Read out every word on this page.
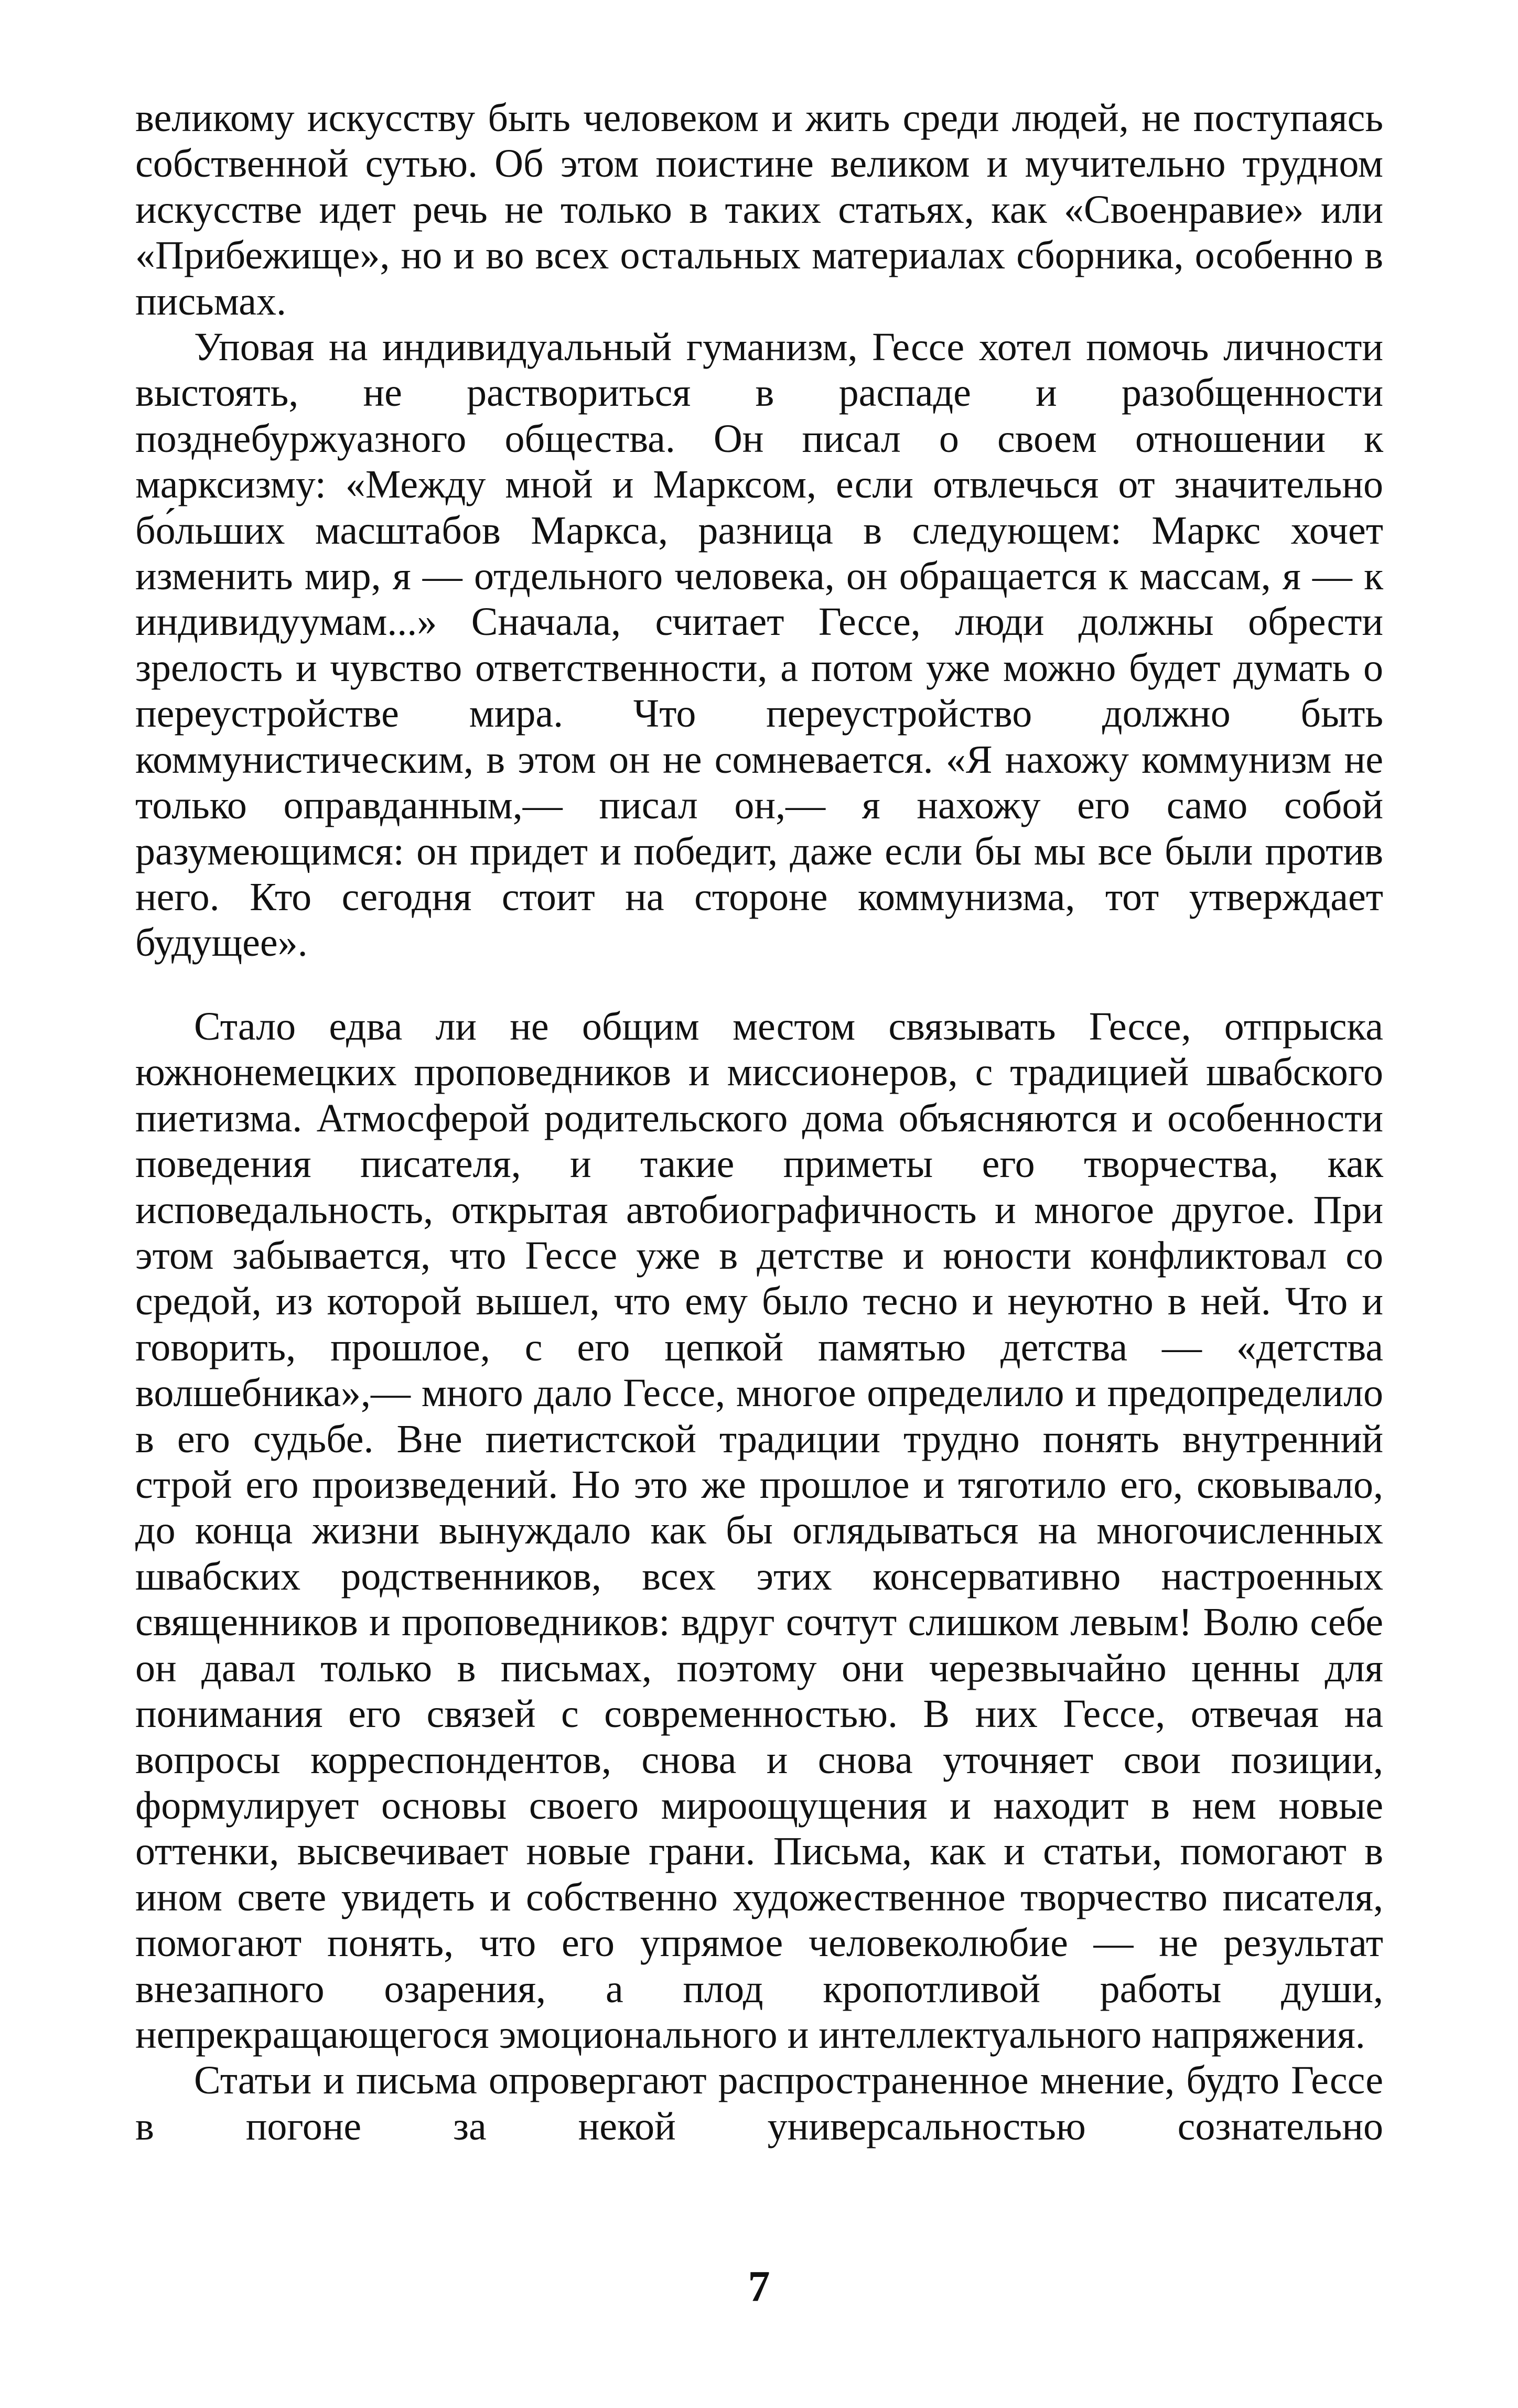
великому искусству быть человеком и жить среди людей, не поступаясь собственной сутью. Об этом поистине великом и мучительно трудном искусстве идет речь не только в таких статьях, как «Своенравие» или «Прибежище», но и во всех остальных материалах сборника, особенно в письмах.

Уповая на индивидуальный гуманизм, Гессе хотел помочь личности выстоять, не раствориться в распаде и разобщенности позднебуржуазного общества. Он писал о своем отношении к марксизму: «Между мной и Марксом, если отвлечься от значительно бо́льших масштабов Маркса, разница в следующем: Маркс хочет изменить мир, я — отдельного человека, он обращается к массам, я — к индивидуумам...» Сначала, считает Гессе, люди должны обрести зрелость и чувство ответственности, а потом уже можно будет думать о переустройстве мира. Что переустройство должно быть коммунистическим, в этом он не сомневается. «Я нахожу коммунизм не только оправданным,— писал он,— я нахожу его само собой разумеющимся: он придет и победит, даже если бы мы все были против него. Кто сегодня стоит на стороне коммунизма, тот утверждает будущее».

Стало едва ли не общим местом связывать Гессе, отпрыска южнонемецких проповедников и миссионеров, с традицией швабского пиетизма. Атмосферой родительского дома объясняются и особенности поведения писателя, и такие приметы его творчества, как исповедальность, открытая автобиографичность и многое другое. При этом забывается, что Гессе уже в детстве и юности конфликтовал со средой, из которой вышел, что ему было тесно и неуютно в ней. Что и говорить, прошлое, с его цепкой памятью детства — «детства волшебника»,— много дало Гессе, многое определило и предопределило в его судьбе. Вне пиетистской традиции трудно понять внутренний строй его произведений. Но это же прошлое и тяготило его, сковывало, до конца жизни вынуждало как бы оглядываться на многочисленных швабских родственников, всех этих консервативно настроенных священников и проповедников: вдруг сочтут слишком левым! Волю себе он давал только в письмах, поэтому они черезвычайно ценны для понимания его связей с современностью. В них Гессе, отвечая на вопросы корреспондентов, снова и снова уточняет свои позиции, формулирует основы своего мироощущения и находит в нем новые оттенки, высвечивает новые грани. Письма, как и статьи, помогают в ином свете увидеть и собственно художественное творчество писателя, помогают понять, что его упрямое человеколюбие — не результат внезапного озарения, а плод кропотливой работы души, непрекращающегося эмоционального и интеллектуального напряжения.

Статьи и письма опровергают распространенное мнение, будто Гессе в погоне за некой универсальностью сознательно

7
